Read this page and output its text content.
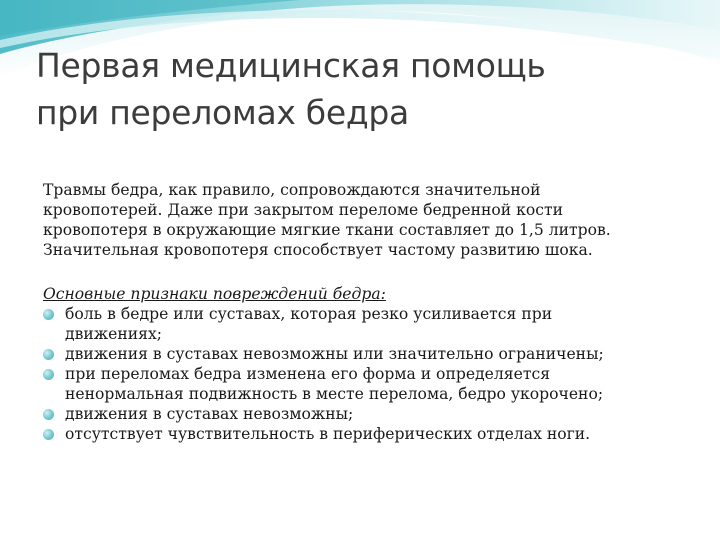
Первая медицинская помощь
при переломах бедра
Травмы бедра, как правило, сопровождаются значительной
кровопотерей. Даже при закрытом переломе бедренной кости
кровопотеря в окружающие мягкие ткани составляет до 1,5 литров.
Значительная кровопотеря способствует частому развитию шока.
Основные признаки повреждений бедра:
боль в бедре или суставах, которая резко усиливается при
движениях;
движения в суставах невозможны или значительно ограничены;
при переломах бедра изменена его форма и определяется
ненормальная подвижность в месте перелома, бедро укорочено;
движения в суставах невозможны;
отсутствует чувствительность в периферических отделах ноги.
